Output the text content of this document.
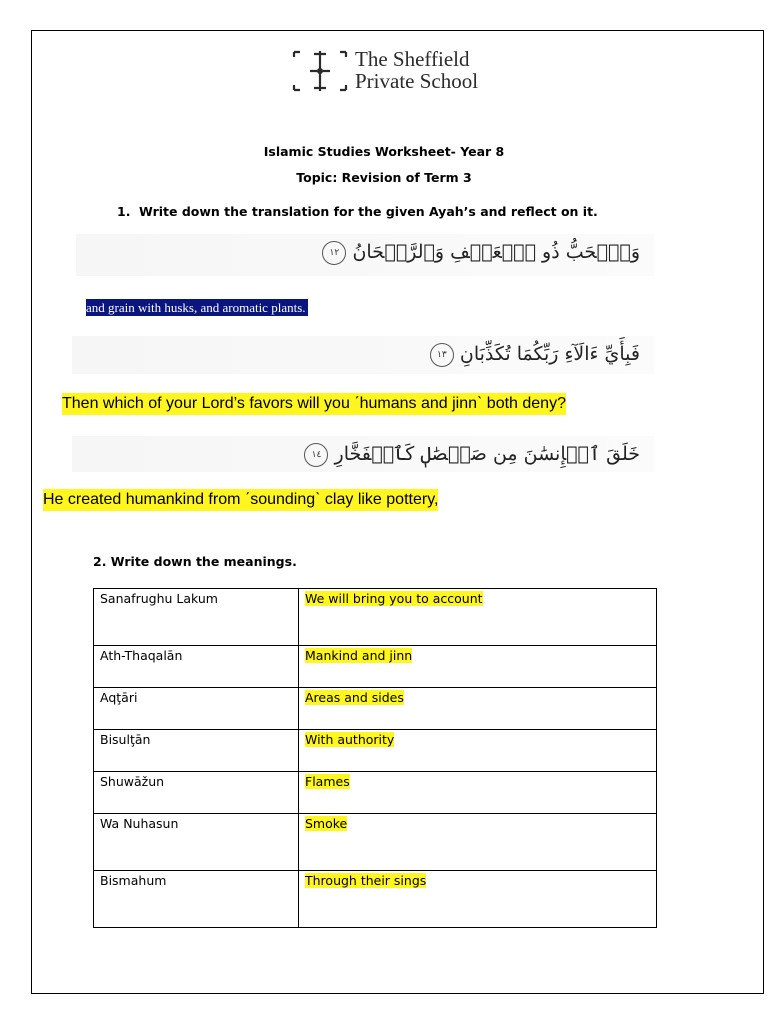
The Sheffield
Private School
Islamic Studies Worksheet- Year 8
Topic: Revision of Term 3
1. Write down the translation for the given Ayah’s and reflect on it.
وَٱلۡحَبُّ ذُو ٱلۡعَصۡفِ وَٱلرَّيۡحَانُ ١٢
and grain with husks, and aromatic plants.
فَبِأَيِّ ءَالَآءِ رَبِّكُمَا تُكَذِّبَانِ ١٣
Then which of your Lord’s favors will you ˊhumans and jinnˋ both deny?
خَلَقَ ٱلۡإِنسَٰنَ مِن صَلۡصَٰلٖ كَٱلۡفَخَّارِ ١٤
He created humankind from ˊsoundingˋ clay like pottery,
2. Write down the meanings.
Sanafrughu Lakum	We will bring you to account
Ath-Thaqalān	Mankind and jinn
Aqţāri	Areas and sides
Bisulţān	With authority
Shuwāžun	Flames
Wa Nuhasun	Smoke
Bismahum	Through their sings
